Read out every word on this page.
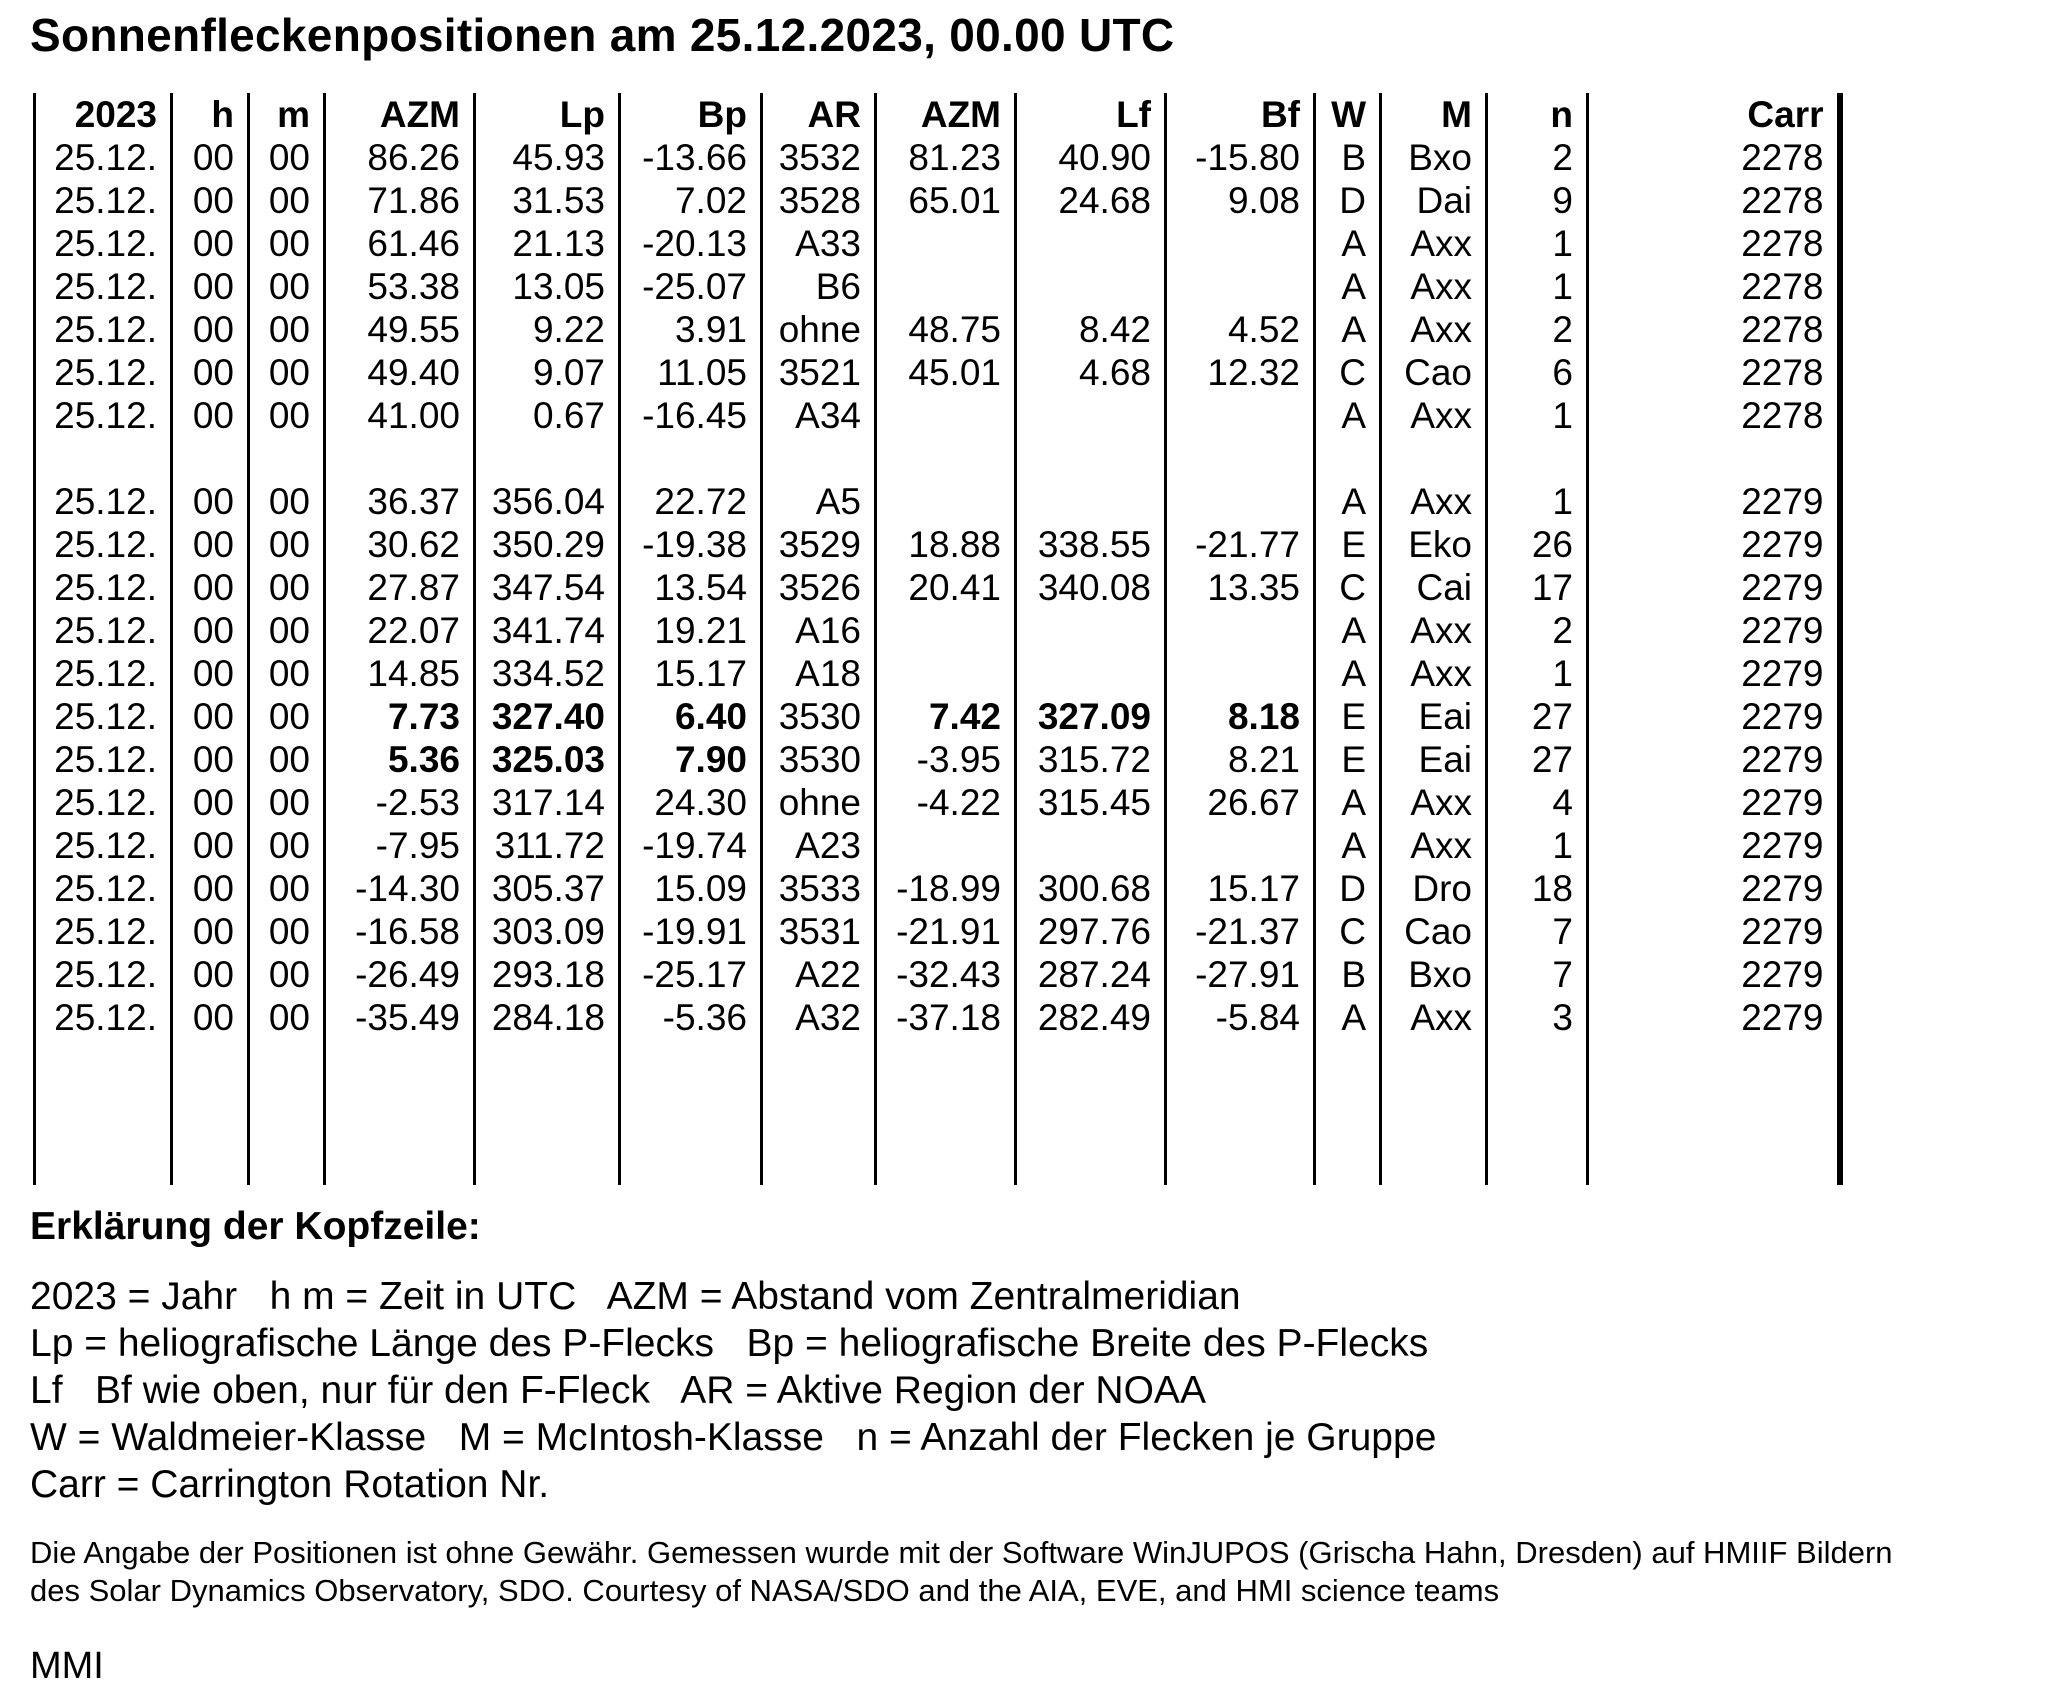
Sonnenfleckenpositionen am 25.12.2023, 00.00 UTC
2023	h	m	AZM	Lp	Bp	AR	AZM	Lf	Bf	W	M	n	Carr
25.12.	00	00	86.26	45.93	-13.66	3532	81.23	40.90	-15.80	B	Bxo	2	2278
25.12.	00	00	71.86	31.53	7.02	3528	65.01	24.68	9.08	D	Dai	9	2278
25.12.	00	00	61.46	21.13	-20.13	A33				A	Axx	1	2278
25.12.	00	00	53.38	13.05	-25.07	B6				A	Axx	1	2278
25.12.	00	00	49.55	9.22	3.91	ohne	48.75	8.42	4.52	A	Axx	2	2278
25.12.	00	00	49.40	9.07	11.05	3521	45.01	4.68	12.32	C	Cao	6	2278
25.12.	00	00	41.00	0.67	-16.45	A34				A	Axx	1	2278

25.12.	00	00	36.37	356.04	22.72	A5				A	Axx	1	2279
25.12.	00	00	30.62	350.29	-19.38	3529	18.88	338.55	-21.77	E	Eko	26	2279
25.12.	00	00	27.87	347.54	13.54	3526	20.41	340.08	13.35	C	Cai	17	2279
25.12.	00	00	22.07	341.74	19.21	A16				A	Axx	2	2279
25.12.	00	00	14.85	334.52	15.17	A18				A	Axx	1	2279
25.12.	00	00	7.73	327.40	6.40	3530	7.42	327.09	8.18	E	Eai	27	2279
25.12.	00	00	5.36	325.03	7.90	3530	-3.95	315.72	8.21	E	Eai	27	2279
25.12.	00	00	-2.53	317.14	24.30	ohne	-4.22	315.45	26.67	A	Axx	4	2279
25.12.	00	00	-7.95	311.72	-19.74	A23				A	Axx	1	2279
25.12.	00	00	-14.30	305.37	15.09	3533	-18.99	300.68	15.17	D	Dro	18	2279
25.12.	00	00	-16.58	303.09	-19.91	3531	-21.91	297.76	-21.37	C	Cao	7	2279
25.12.	00	00	-26.49	293.18	-25.17	A22	-32.43	287.24	-27.91	B	Bxo	7	2279
25.12.	00	00	-35.49	284.18	-5.36	A32	-37.18	282.49	-5.84	A	Axx	3	2279

Erklärung der Kopfzeile:
2023 = Jahr   h m = Zeit in UTC   AZM = Abstand vom Zentralmeridian
Lp = heliografische Länge des P-Flecks   Bp = heliografische Breite des P-Flecks
Lf   Bf wie oben, nur für den F-Fleck   AR = Aktive Region der NOAA
W = Waldmeier-Klasse   M = McIntosh-Klasse   n = Anzahl der Flecken je Gruppe
Carr = Carrington Rotation Nr.
Die Angabe der Positionen ist ohne Gewähr. Gemessen wurde mit der Software WinJUPOS (Grischa Hahn, Dresden) auf HMIIF Bildern
des Solar Dynamics Observatory, SDO. Courtesy of NASA/SDO and the AIA, EVE, and HMI science teams
MMI
